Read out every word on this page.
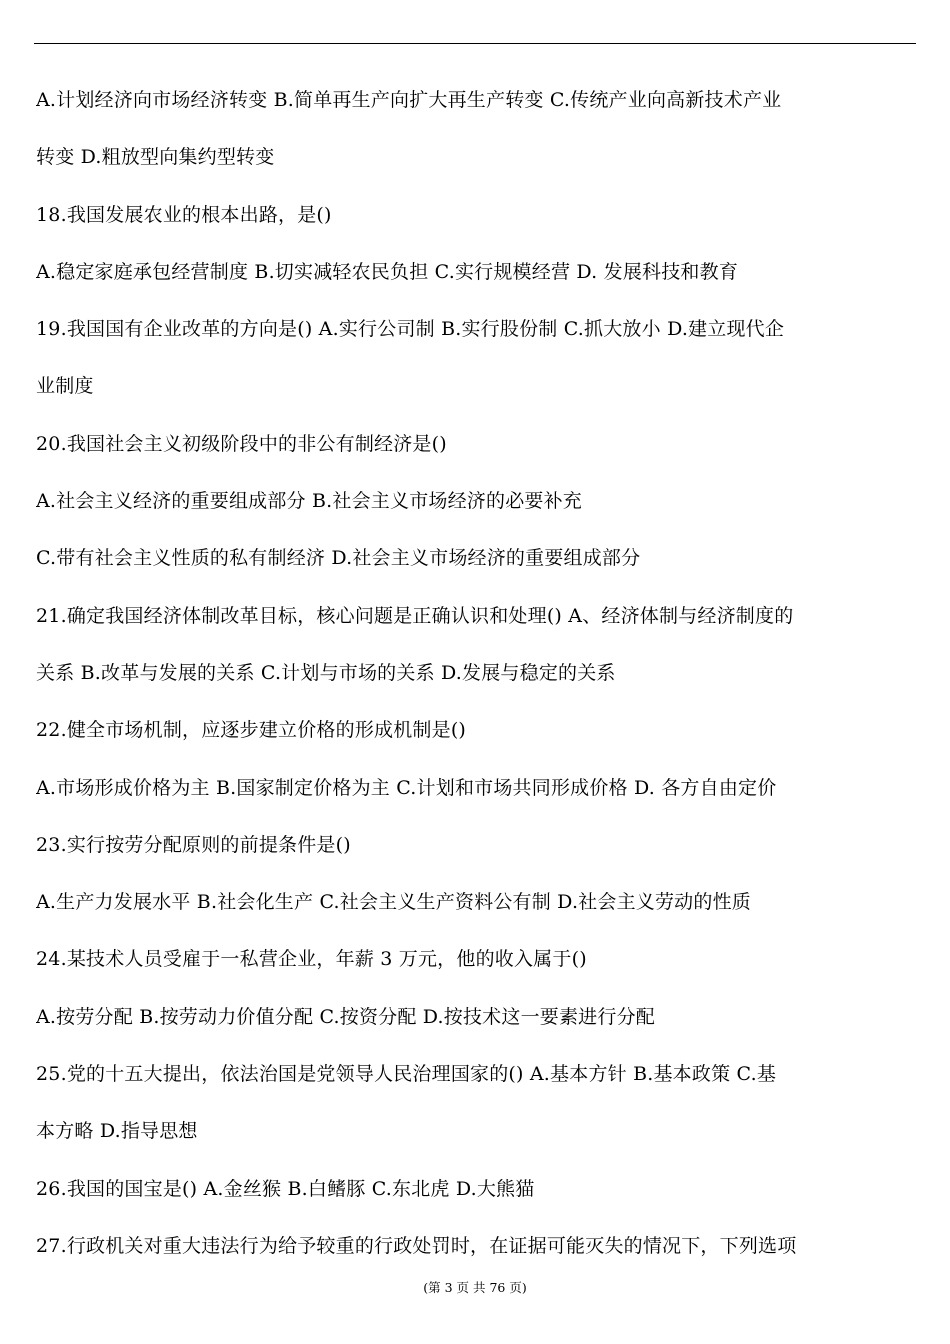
A.计划经济向市场经济转变 B.简单再生产向扩大再生产转变 C.传统产业向高新技术产业
转变 D.粗放型向集约型转变
18.我国发展农业的根本出路，是()
A.稳定家庭承包经营制度 B.切实减轻农民负担 C.实行规模经营 D. 发展科技和教育
19.我国国有企业改革的方向是() A.实行公司制 B.实行股份制 C.抓大放小 D.建立现代企
业制度
20.我国社会主义初级阶段中的非公有制经济是()
A.社会主义经济的重要组成部分 B.社会主义市场经济的必要补充
C.带有社会主义性质的私有制经济 D.社会主义市场经济的重要组成部分
21.确定我国经济体制改革目标，核心问题是正确认识和处理() A、经济体制与经济制度的
关系 B.改革与发展的关系 C.计划与市场的关系 D.发展与稳定的关系
22.健全市场机制，应逐步建立价格的形成机制是()
A.市场形成价格为主 B.国家制定价格为主 C.计划和市场共同形成价格 D. 各方自由定价
23.实行按劳分配原则的前提条件是()
A.生产力发展水平 B.社会化生产 C.社会主义生产资料公有制 D.社会主义劳动的性质
24.某技术人员受雇于一私营企业，年薪 3 万元，他的收入属于()
A.按劳分配 B.按劳动力价值分配 C.按资分配 D.按技术这一要素进行分配
25.党的十五大提出，依法治国是党领导人民治理国家的() A.基本方针 B.基本政策 C.基
本方略 D.指导思想
26.我国的国宝是() A.金丝猴 B.白鳍豚 C.东北虎 D.大熊猫
27.行政机关对重大违法行为给予较重的行政处罚时，在证据可能灭失的情况下，下列选项
(第 3 页 共 76 页)
